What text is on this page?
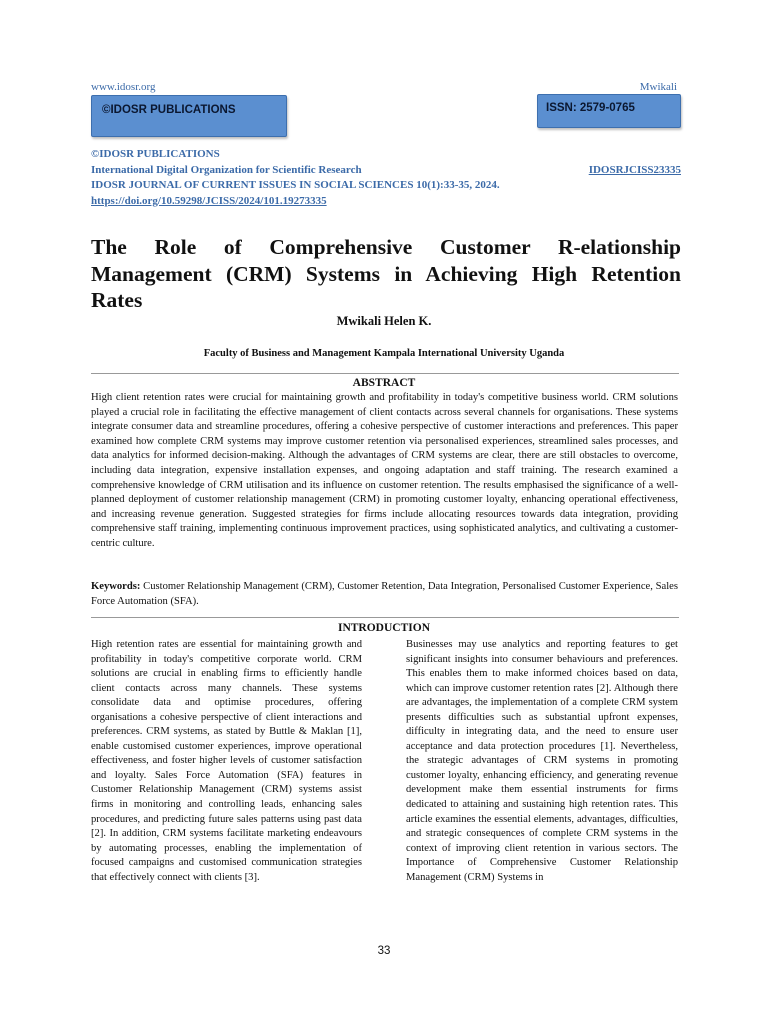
www.idosr.org	Mwikali
©IDOSR PUBLICATIONS	ISSN: 2579-0765
©IDOSR PUBLICATIONS
International Digital Organization for Scientific Research	IDOSRJCISS23335
IDOSR JOURNAL OF CURRENT ISSUES IN SOCIAL SCIENCES 10(1):33-35, 2024.
https://doi.org/10.59298/JCISS/2024/101.19273335
The Role of Comprehensive Customer R-elationship Management (CRM) Systems in Achieving High Retention Rates
Mwikali Helen K.
Faculty of Business and Management Kampala International University Uganda
ABSTRACT
High client retention rates were crucial for maintaining growth and profitability in today's competitive business world. CRM solutions played a crucial role in facilitating the effective management of client contacts across several channels for organisations. These systems integrate consumer data and streamline procedures, offering a cohesive perspective of customer interactions and preferences. This paper examined how complete CRM systems may improve customer retention via personalised experiences, streamlined sales processes, and data analytics for informed decision-making. Although the advantages of CRM systems are clear, there are still obstacles to overcome, including data integration, expensive installation expenses, and ongoing adaptation and staff training. The research examined a comprehensive knowledge of CRM utilisation and its influence on customer retention. The results emphasised the significance of a well-planned deployment of customer relationship management (CRM) in promoting customer loyalty, enhancing operational effectiveness, and increasing revenue generation. Suggested strategies for firms include allocating resources towards data integration, providing comprehensive staff training, implementing continuous improvement practices, using sophisticated analytics, and cultivating a customer-centric culture.
Keywords: Customer Relationship Management (CRM), Customer Retention, Data Integration, Personalised Customer Experience, Sales Force Automation (SFA).
INTRODUCTION
High retention rates are essential for maintaining growth and profitability in today's competitive corporate world. CRM solutions are crucial in enabling firms to efficiently handle client contacts across many channels. These systems consolidate data and optimise procedures, offering organisations a cohesive perspective of client interactions and preferences. CRM systems, as stated by Buttle & Maklan [1], enable customised customer experiences, improve operational effectiveness, and foster higher levels of customer satisfaction and loyalty. Sales Force Automation (SFA) features in Customer Relationship Management (CRM) systems assist firms in monitoring and controlling leads, enhancing sales procedures, and predicting future sales patterns using past data [2]. In addition, CRM systems facilitate marketing endeavours by automating processes, enabling the implementation of focused campaigns and customised communication strategies that effectively connect with clients [3].
Businesses may use analytics and reporting features to get significant insights into consumer behaviours and preferences. This enables them to make informed choices based on data, which can improve customer retention rates [2]. Although there are advantages, the implementation of a complete CRM system presents difficulties such as substantial upfront expenses, difficulty in integrating data, and the need to ensure user acceptance and data protection procedures [1]. Nevertheless, the strategic advantages of CRM systems in promoting customer loyalty, enhancing efficiency, and generating revenue development make them essential instruments for firms dedicated to attaining and sustaining high retention rates. This article examines the essential elements, advantages, difficulties, and strategic consequences of complete CRM systems in the context of improving client retention in various sectors. The Importance of Comprehensive Customer Relationship Management (CRM) Systems in
33
